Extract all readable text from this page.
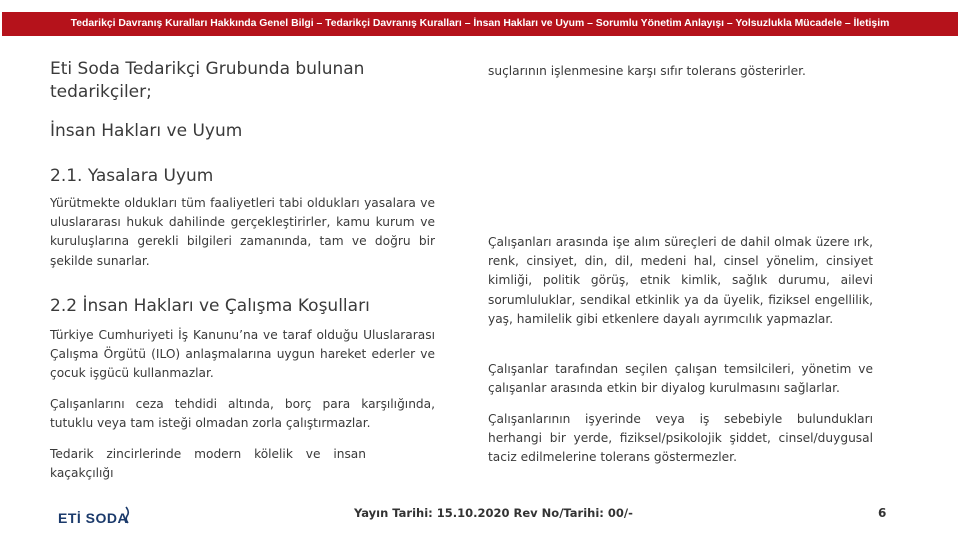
Tedarikçi Davranış Kuralları Hakkında Genel Bilgi – Tedarikçi Davranış Kuralları – İnsan Hakları ve Uyum – Sorumlu Yönetim Anlayışı – Yolsuzlukla Mücadele – İletişim
Eti Soda Tedarikçi Grubunda bulunan tedarikçiler;
İnsan Hakları ve Uyum
2.1. Yasalara Uyum
Yürütmekte oldukları tüm faaliyetleri tabi oldukları yasalara ve uluslararası hukuk dahilinde gerçekleştirirler, kamu kurum ve kuruluşlarına gerekli bilgileri zamanında, tam ve doğru bir şekilde sunarlar.
2.2 İnsan Hakları ve Çalışma Koşulları
Türkiye Cumhuriyeti İş Kanunu’na ve taraf olduğu Uluslararası Çalışma Örgütü (ILO) anlaşmalarına uygun hareket ederler ve çocuk işgücü kullanmazlar.
Çalışanlarını ceza tehdidi altında, borç para karşılığında, tutuklu veya tam isteği olmadan zorla çalıştırmazlar.
Tedarik zincirlerinde modern kölelik ve insan kaçakçılığı
suçlarının işlenmesine karşı sıfır tolerans gösterirler.
Çalışanları arasında işe alım süreçleri de dahil olmak üzere ırk, renk, cinsiyet, din, dil, medeni hal, cinsel yönelim, cinsiyet kimliği, politik görüş, etnik kimlik, sağlık durumu, ailevi sorumluluklar, sendikal etkinlik ya da üyelik, fiziksel engellilik, yaş, hamilelik gibi etkenlere dayalı ayrımcılık yapmazlar.
Çalışanlar tarafından seçilen çalışan temsilcileri, yönetim ve çalışanlar arasında etkin bir diyalog kurulmasını sağlarlar.
Çalışanlarının işyerinde veya iş sebebiyle bulundukları herhangi bir yerde, fiziksel/psikolojik şiddet, cinsel/duygusal taciz edilmelerine tolerans göstermezler.
ETİ SODA	Yayın Tarihi: 15.10.2020 Rev No/Tarihi: 00/-	6
